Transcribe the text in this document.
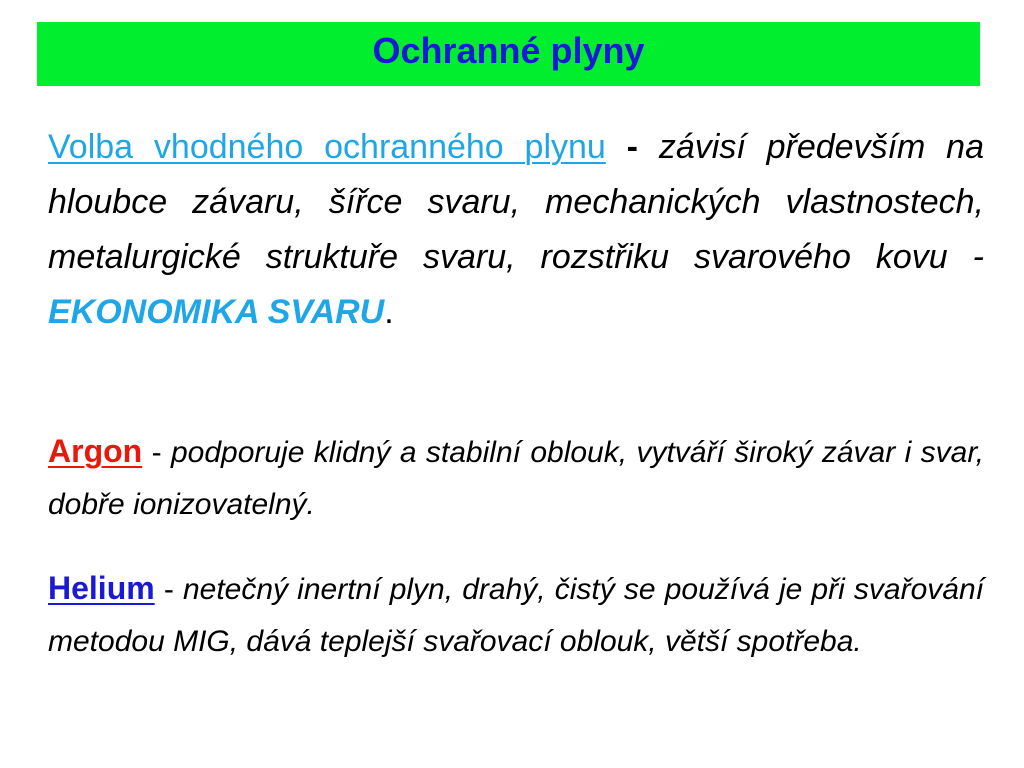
Ochranné plyny

Volba vhodného ochranného plynu - závisí především na hloubce závaru, šířce svaru, mechanických vlastnostech, metalurgické struktuře svaru, rozstřiku svarového kovu - EKONOMIKA SVARU.

Argon - podporuje klidný a stabilní oblouk, vytváří široký závar i svar, dobře ionizovatelný.

Helium - netečný inertní plyn, drahý, čistý se používá je při svařování metodou MIG, dává teplejší svařovací oblouk, větší spotřeba.
